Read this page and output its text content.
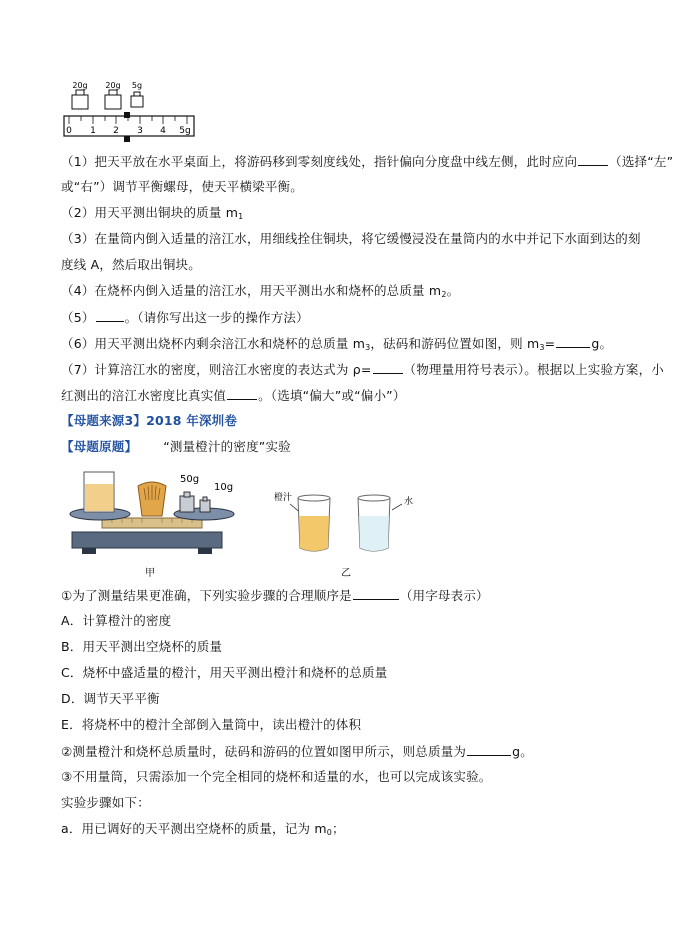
20g 20g 5g
0 1 2 3 4 5g
（1）把天平放在水平桌面上，将游码移到零刻度线处，指针偏向分度盘中线左侧，此时应向	（选择“左”
或“右”）调节平衡螺母，使天平横梁平衡。
（2）用天平测出铜块的质量 $m_1$
（3）在量筒内倒入适量的涪江水，用细线拴住铜块，将它缓慢浸没在量筒内的水中并记下水面到达的刻
度线 A，然后取出铜块。
（4）在烧杯内倒入适量的涪江水，用天平测出水和烧杯的总质量 $m_2$。
（5） 。（请你写出这一步的操作方法）
（6）用天平测出烧杯内剩余涪江水和烧杯的总质量 $m_3$，砝码和游码位置如图，则 $m_3=$	g。
（7）计算涪江水的密度，则涪江水密度的表达式为 ρ=	（物理量用符号表示）。根据以上实验方案，小
红测出的涪江水密度比真实值	。（选填“偏大”或“偏小”）
【母题来源3】2018 年深圳卷
【母题原题】 “测量橙汁的密度”实验
50g
10g
甲
橙汁	水
乙
①为了测量结果更准确，下列实验步骤的合理顺序是	（用字母表示）
A．计算橙汁的密度
B．用天平测出空烧杯的质量
C．烧杯中盛适量的橙汁，用天平测出橙汁和烧杯的总质量
D．调节天平平衡
E．将烧杯中的橙汁全部倒入量筒中，读出橙汁的体积
②测量橙汁和烧杯总质量时，砝码和游码的位置如图甲所示，则总质量为	g。
③不用量筒，只需添加一个完全相同的烧杯和适量的水，也可以完成该实验。
实验步骤如下：
a．用已调好的天平测出空烧杯的质量，记为 $m_0$；
